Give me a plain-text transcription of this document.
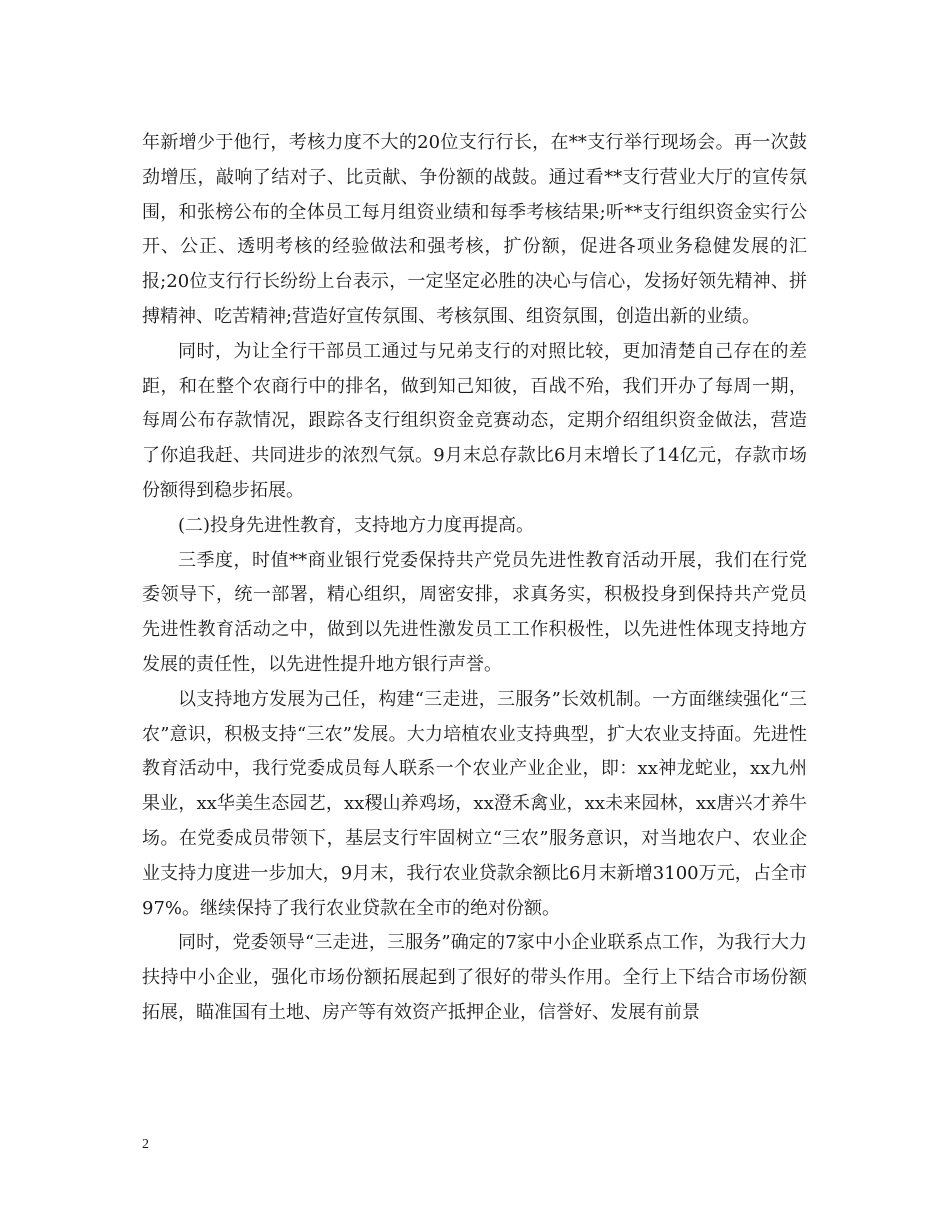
年新增少于他行，考核力度不大的20位支行行长，在**支行举行现场会。再一次鼓劲增压，敲响了结对子、比贡献、争份额的战鼓。通过看**支行营业大厅的宣传氛围，和张榜公布的全体员工每月组资业绩和每季考核结果;听**支行组织资金实行公开、公正、透明考核的经验做法和强考核，扩份额，促进各项业务稳健发展的汇报;20位支行行长纷纷上台表示，一定坚定必胜的决心与信心，发扬好领先精神、拼搏精神、吃苦精神;营造好宣传氛围、考核氛围、组资氛围，创造出新的业绩。

同时，为让全行干部员工通过与兄弟支行的对照比较，更加清楚自己存在的差距，和在整个农商行中的排名，做到知己知彼，百战不殆，我们开办了每周一期，每周公布存款情况，跟踪各支行组织资金竞赛动态，定期介绍组织资金做法，营造了你追我赶、共同进步的浓烈气氛。9月末总存款比6月末增长了14亿元，存款市场份额得到稳步拓展。

(二)投身先进性教育，支持地方力度再提高。

三季度，时值**商业银行党委保持共产党员先进性教育活动开展，我们在行党委领导下，统一部署，精心组织，周密安排，求真务实，积极投身到保持共产党员先进性教育活动之中，做到以先进性激发员工工作积极性，以先进性体现支持地方发展的责任性，以先进性提升地方银行声誉。

以支持地方发展为己任，构建“三走进，三服务”长效机制。一方面继续强化“三农”意识，积极支持“三农”发展。大力培植农业支持典型，扩大农业支持面。先进性教育活动中，我行党委成员每人联系一个农业产业企业，即：xx神龙蛇业，xx九州果业，xx华美生态园艺，xx稷山养鸡场，xx澄禾禽业，xx未来园林，xx唐兴才养牛场。在党委成员带领下，基层支行牢固树立“三农”服务意识，对当地农户、农业企业支持力度进一步加大，9月末，我行农业贷款余额比6月末新增3100万元，占全市97%。继续保持了我行农业贷款在全市的绝对份额。

同时，党委领导“三走进，三服务”确定的7家中小企业联系点工作，为我行大力扶持中小企业，强化市场份额拓展起到了很好的带头作用。全行上下结合市场份额拓展，瞄准国有土地、房产等有效资产抵押企业，信誉好、发展有前景

2
